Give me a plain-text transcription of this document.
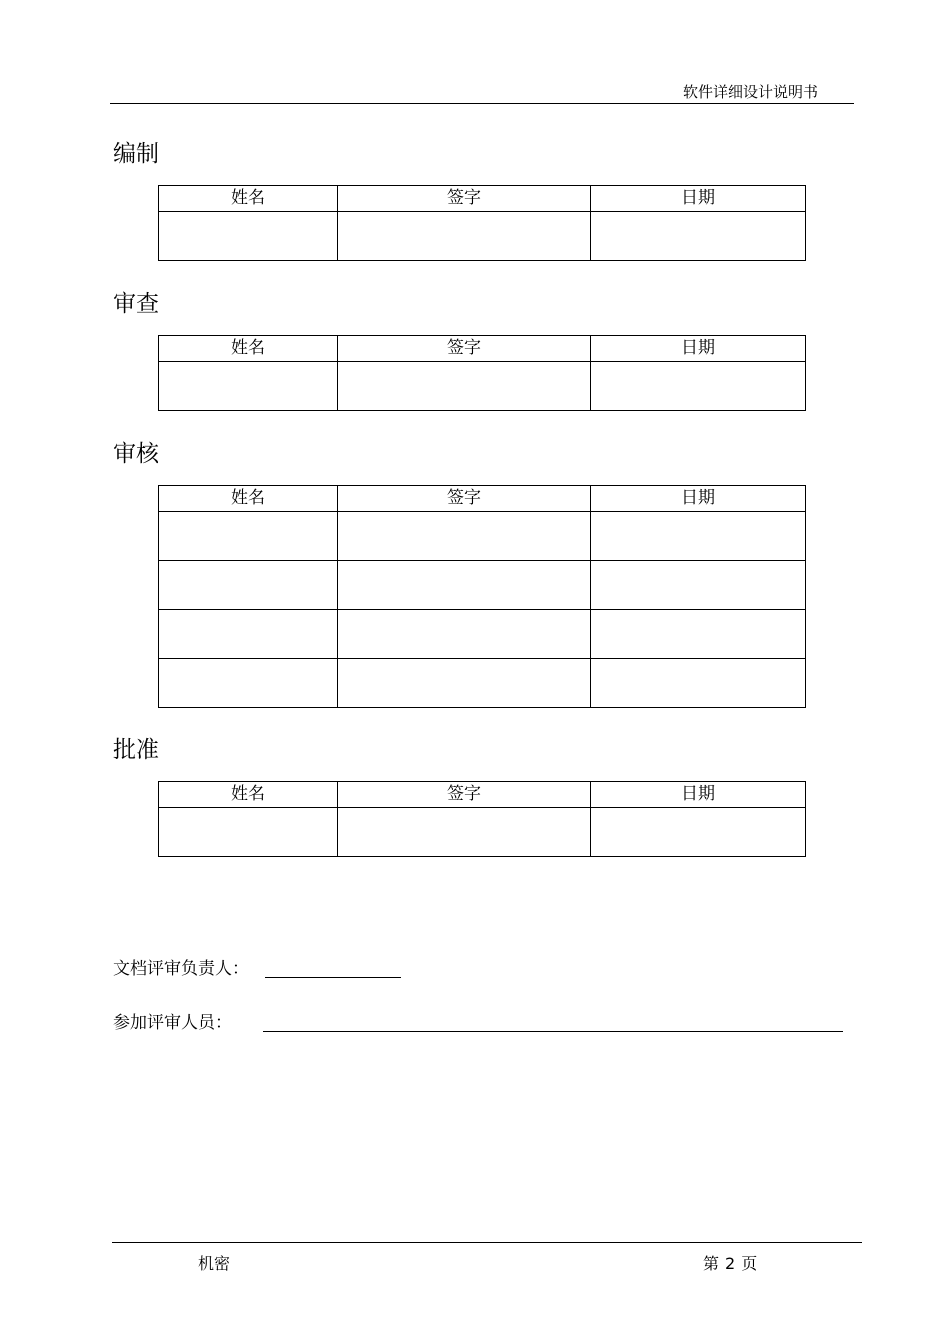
软件详细设计说明书
编制
姓名	签字	日期

审查
姓名	签字	日期

审核
姓名	签字	日期

批准
姓名	签字	日期

文档评审负责人：
参加评审人员：
机密	第 2 页
